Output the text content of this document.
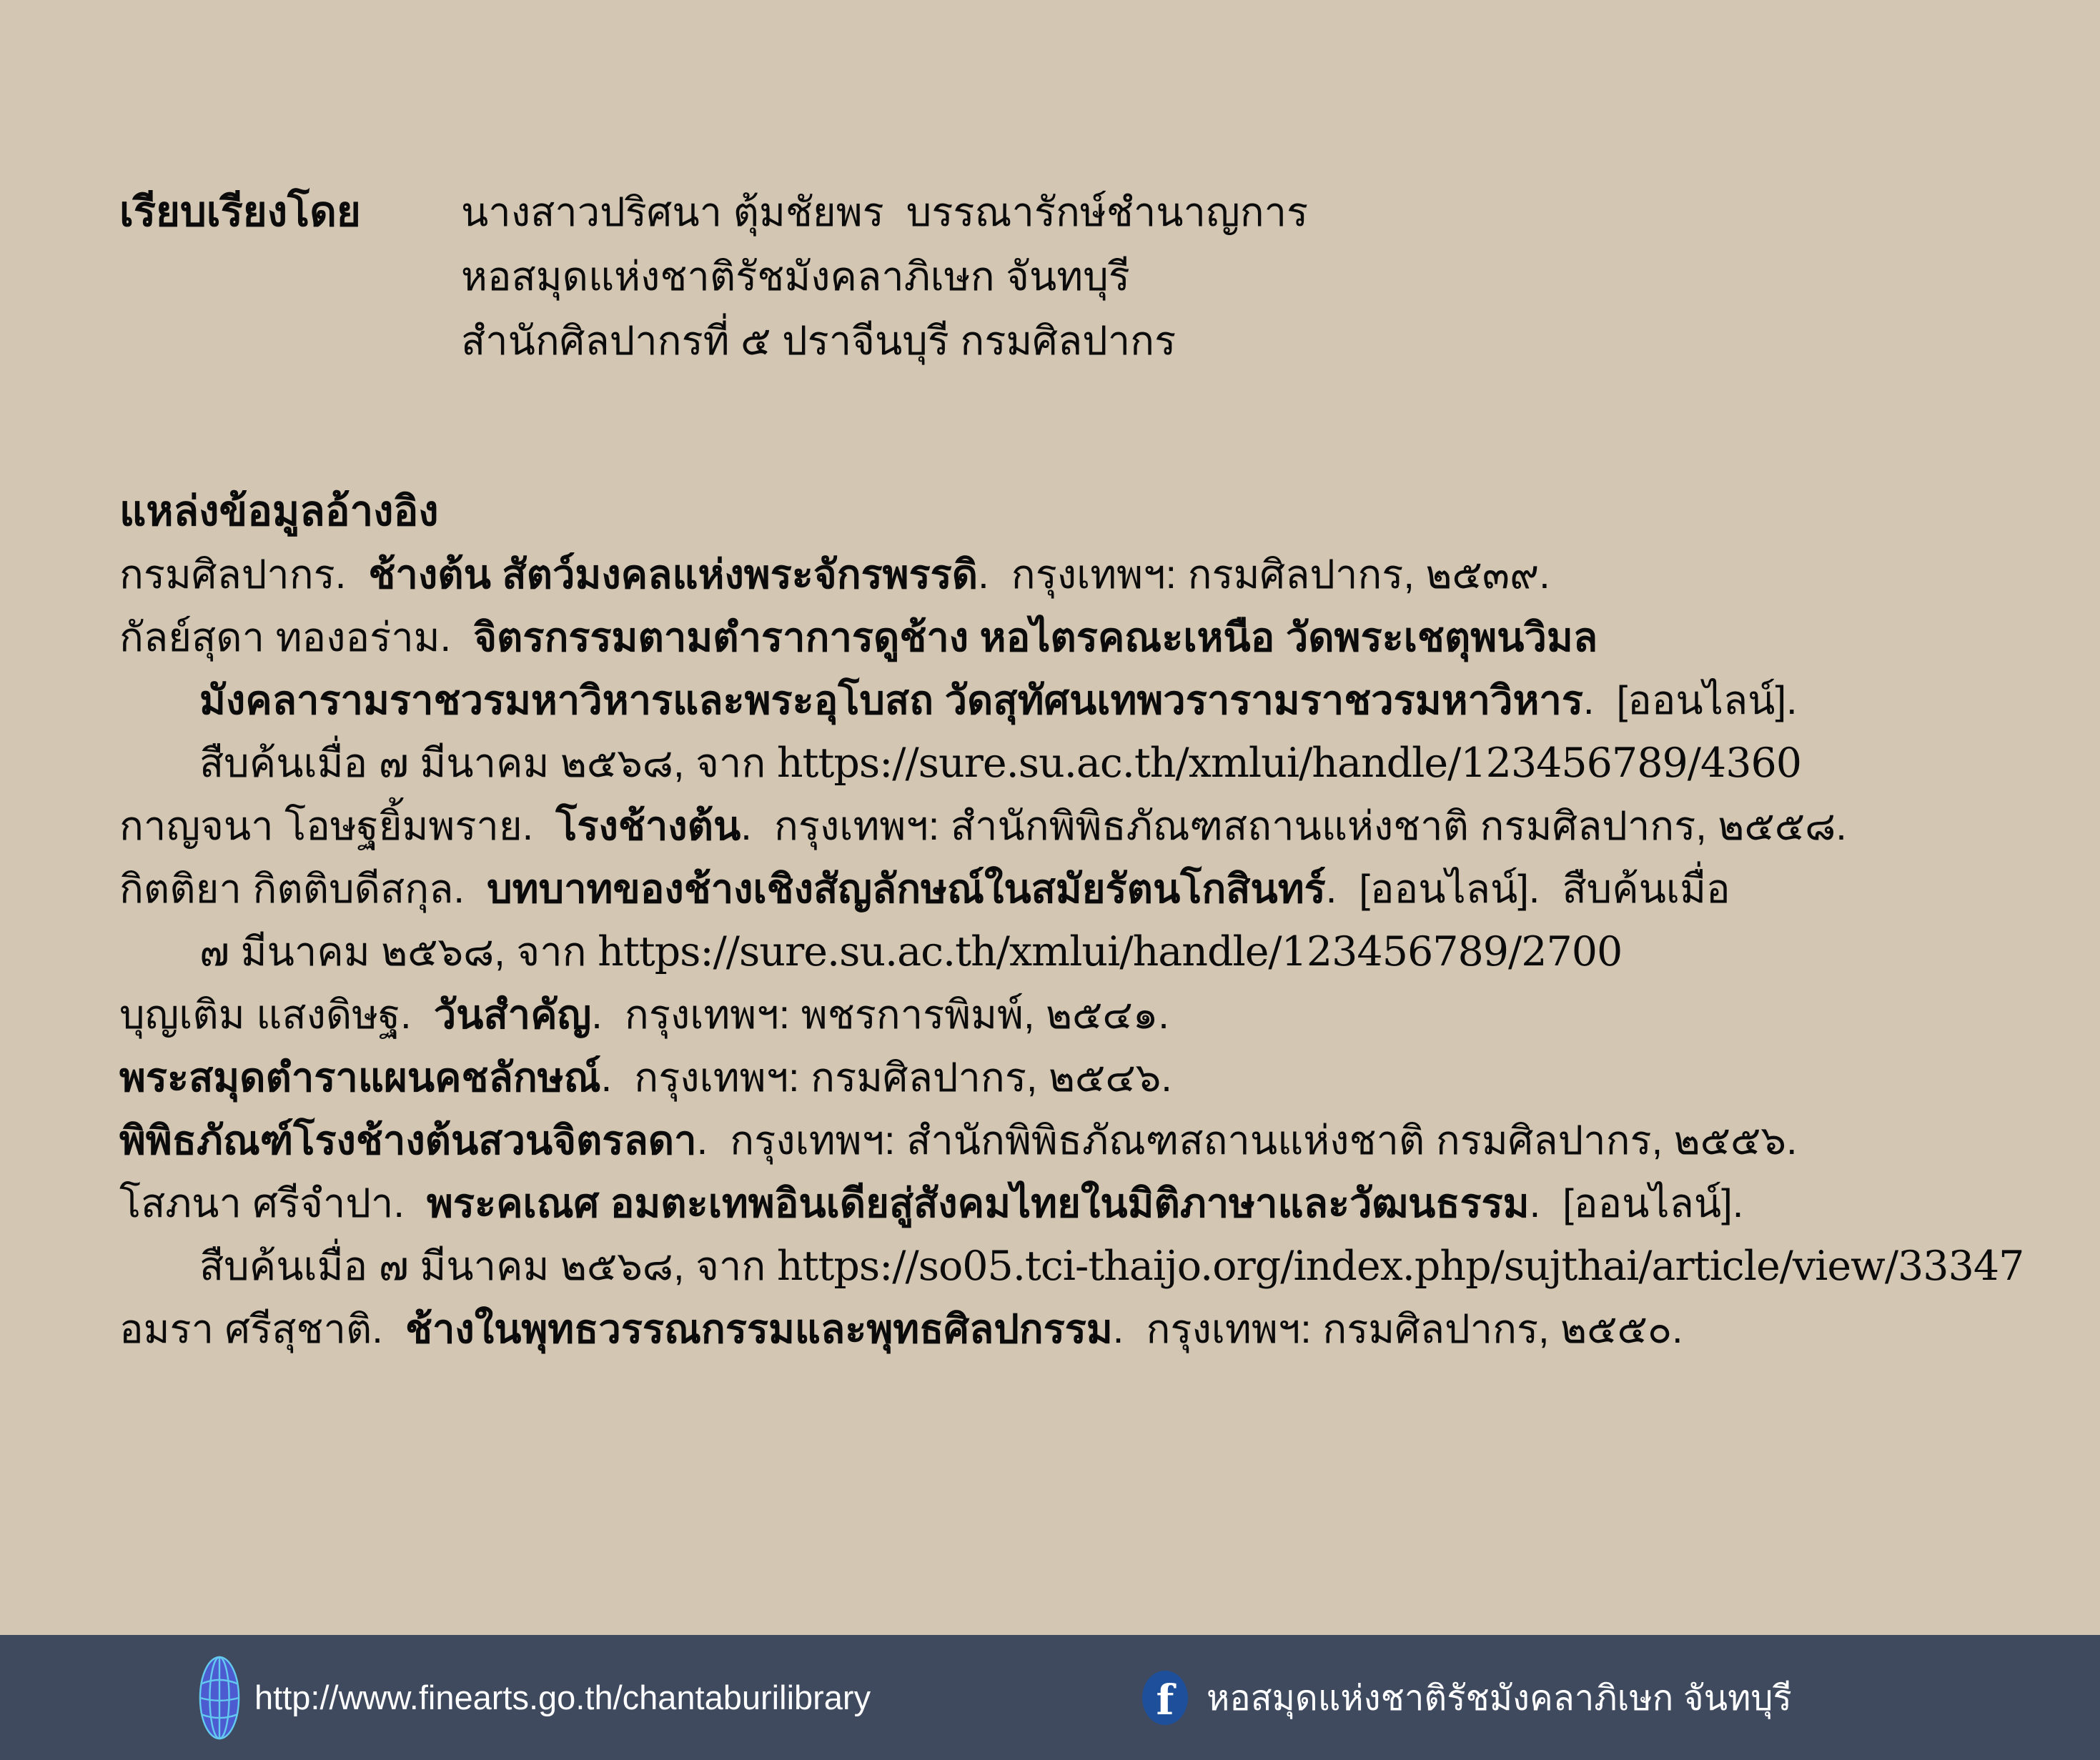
เรียบเรียงโดย	นางสาวปริศนา ตุ้มชัยพร  บรรณารักษ์ชำนาญการ
หอสมุดแห่งชาติรัชมังคลาภิเษก จันทบุรี
สำนักศิลปากรที่ ๕ ปราจีนบุรี กรมศิลปากร
แหล่งข้อมูลอ้างอิง
กรมศิลปากร.  ช้างต้น สัตว์มงคลแห่งพระจักรพรรดิ.  กรุงเทพฯ: กรมศิลปากร, ๒๕๓๙.
กัลย์สุดา ทองอร่าม.  จิตรกรรมตามตำราการดูช้าง หอไตรคณะเหนือ วัดพระเชตุพนวิมล
มังคลารามราชวรมหาวิหารและพระอุโบสถ วัดสุทัศนเทพวรารามราชวรมหาวิหาร.  [ออนไลน์].
สืบค้นเมื่อ ๗ มีนาคม ๒๕๖๘, จาก https://sure.su.ac.th/xmlui/handle/123456789/4360
กาญจนา โอษฐยิ้มพราย.  โรงช้างต้น.  กรุงเทพฯ: สำนักพิพิธภัณฑสถานแห่งชาติ กรมศิลปากร, ๒๕๕๘.
กิตติยา กิตติบดีสกุล.  บทบาทของช้างเชิงสัญลักษณ์ในสมัยรัตนโกสินทร์.  [ออนไลน์].  สืบค้นเมื่อ
๗ มีนาคม ๒๕๖๘, จาก https://sure.su.ac.th/xmlui/handle/123456789/2700
บุญเติม แสงดิษฐ.  วันสำคัญ.  กรุงเทพฯ: พชรการพิมพ์, ๒๕๔๑.
พระสมุดตำราแผนคชลักษณ์.  กรุงเทพฯ: กรมศิลปากร, ๒๕๔๖.
พิพิธภัณฑ์โรงช้างต้นสวนจิตรลดา.  กรุงเทพฯ: สำนักพิพิธภัณฑสถานแห่งชาติ กรมศิลปากร, ๒๕๕๖.
โสภนา ศรีจำปา.  พระคเณศ อมตะเทพอินเดียสู่สังคมไทยในมิติภาษาและวัฒนธรรม.  [ออนไลน์].
สืบค้นเมื่อ ๗ มีนาคม ๒๕๖๘, จาก https://so05.tci-thaijo.org/index.php/sujthai/article/view/33347
อมรา ศรีสุชาติ.  ช้างในพุทธวรรณกรรมและพุทธศิลปกรรม.  กรุงเทพฯ: กรมศิลปากร, ๒๕๕๐.
http://www.finearts.go.th/chantaburilibrary	f หอสมุดแห่งชาติรัชมังคลาภิเษก จันทบุรี
